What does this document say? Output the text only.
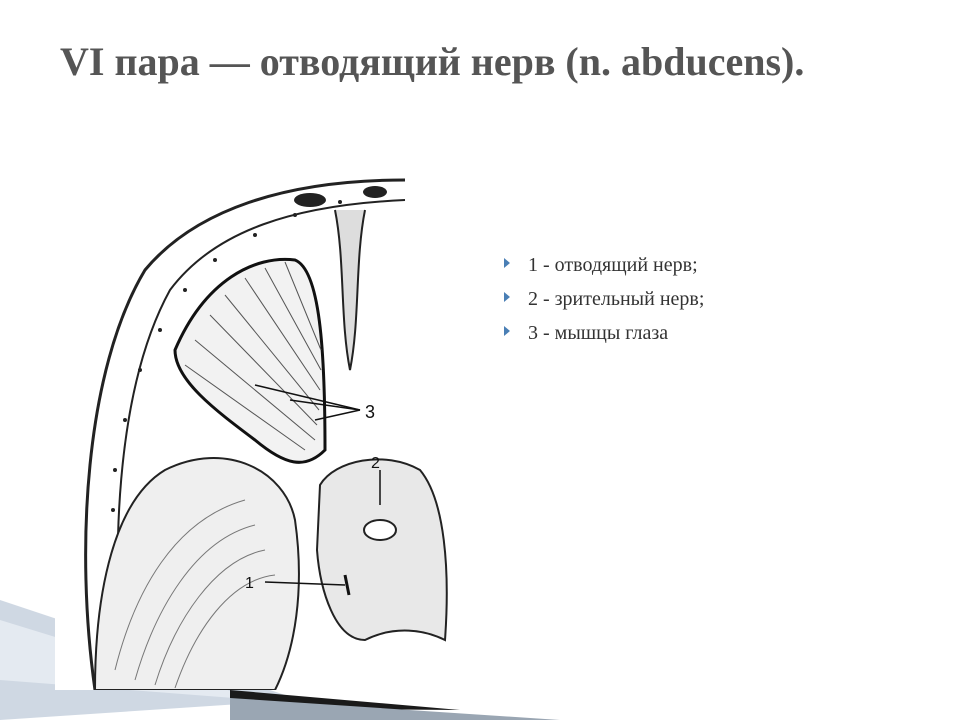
VI пара — отводящий нерв (n. abducens).
3
2
1
1 - отводящий нерв;
2 - зрительный нерв;
3 - мышцы глаза
